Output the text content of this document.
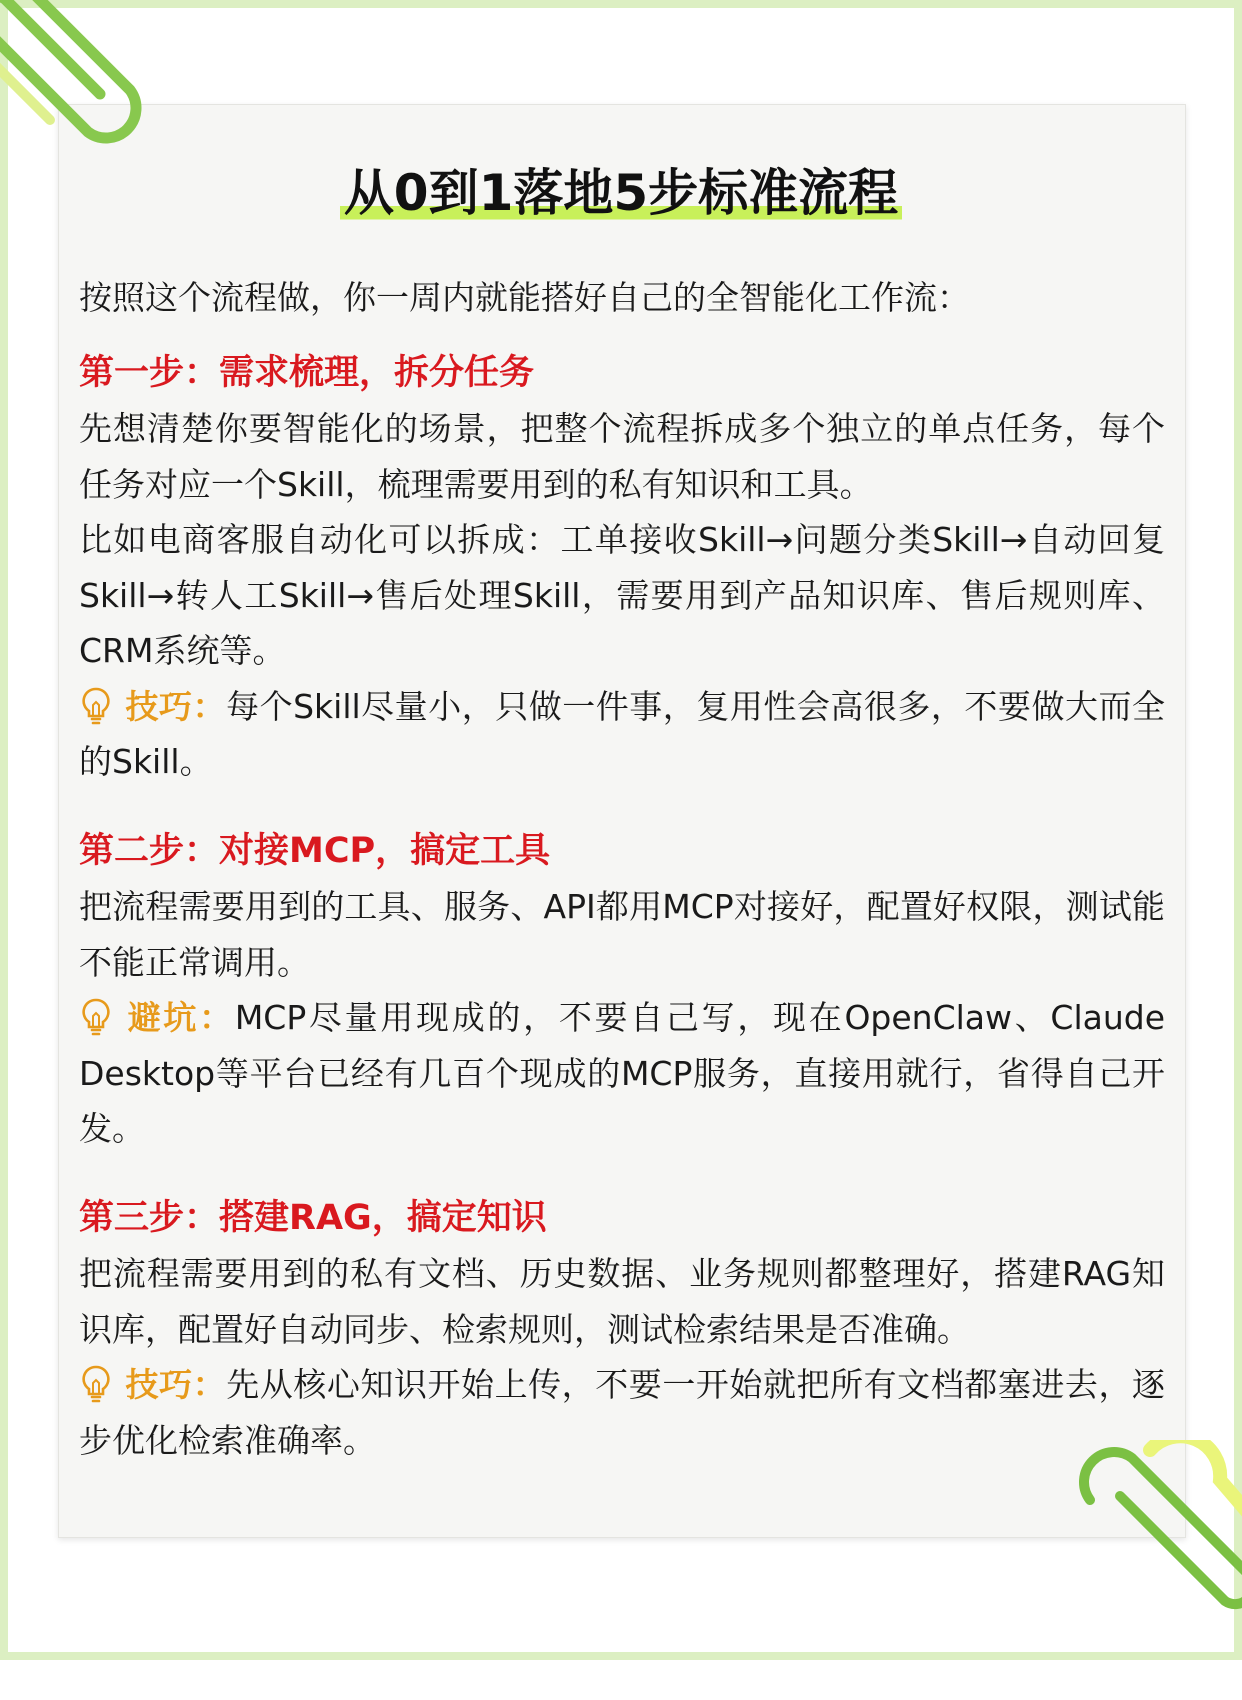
从0到1落地5步标准流程

按照这个流程做，你一周内就能搭好自己的全智能化工作流：

第一步：需求梳理，拆分任务

先想清楚你要智能化的场景，把整个流程拆成多个独立的单点任务，每个任务对应一个Skill，梳理需要用到的私有知识和工具。

比如电商客服自动化可以拆成：工单接收Skill→问题分类Skill→自动回复Skill→转人工Skill→售后处理Skill，需要用到产品知识库、售后规则库、CRM系统等。

技巧：每个Skill尽量小，只做一件事，复用性会高很多，不要做大而全的Skill。

第二步：对接MCP，搞定工具

把流程需要用到的工具、服务、API都用MCP对接好，配置好权限，测试能不能正常调用。

避坑：MCP尽量用现成的，不要自己写，现在OpenClaw、Claude Desktop等平台已经有几百个现成的MCP服务，直接用就行，省得自己开发。

第三步：搭建RAG，搞定知识

把流程需要用到的私有文档、历史数据、业务规则都整理好，搭建RAG知识库，配置好自动同步、检索规则，测试检索结果是否准确。

技巧：先从核心知识开始上传，不要一开始就把所有文档都塞进去，逐步优化检索准确率。
